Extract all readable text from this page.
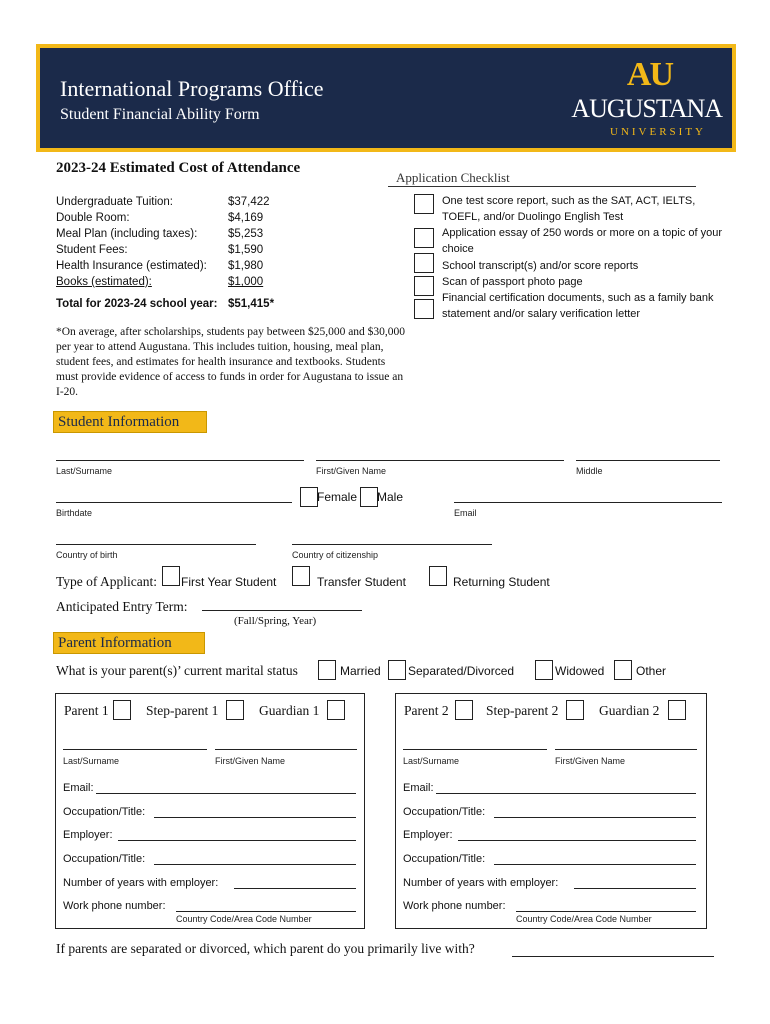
International Programs Office
Student Financial Ability Form
AU
AUGUSTANA
UNIVERSITY
2023-24 Estimated Cost of Attendance
Undergraduate Tuition:	$37,422
Double Room:	$4,169
Meal Plan (including taxes):	$5,253
Student Fees:	$1,590
Health Insurance (estimated): $1,980
Books (estimated):	$1,000
Total for 2023-24 school year: $51,415*
*On average, after scholarships, students pay between $25,000 and $30,000 per year to attend Augustana. This includes tuition, housing, meal plan, student fees, and estimates for health insurance and textbooks. Students must provide evidence of access to funds in order for Augustana to issue an I-20.
Application Checklist
One test score report, such as the SAT, ACT, IELTS, TOEFL, and/or Duolingo English Test
Application essay of 250 words or more on a topic of your choice
School transcript(s) and/or score reports
Scan of passport photo page
Financial certification documents, such as a family bank statement and/or salary verification letter
Student Information
Last/Surname	First/Given Name	Middle
Female Male
Birthdate	Email
Country of birth	Country of citizenship
Type of Applicant: First Year Student	Transfer Student	Returning Student
Anticipated Entry Term:
(Fall/Spring, Year)
Parent Information
What is your parent(s)’ current marital status	Married Separated/Divorced	Widowed	Other
Parent 1	Step-parent 1	Guardian 1
Last/Surname	First/Given Name
Email:
Occupation/Title:
Employer:
Occupation/Title:
Number of years with employer:
Work phone number:
Country Code/Area Code Number
Parent 2	Step-parent 2	Guardian 2
Last/Surname	First/Given Name
Email:
Occupation/Title:
Employer:
Occupation/Title:
Number of years with employer:
Work phone number:
Country Code/Area Code Number
If parents are separated or divorced, which parent do you primarily live with?
